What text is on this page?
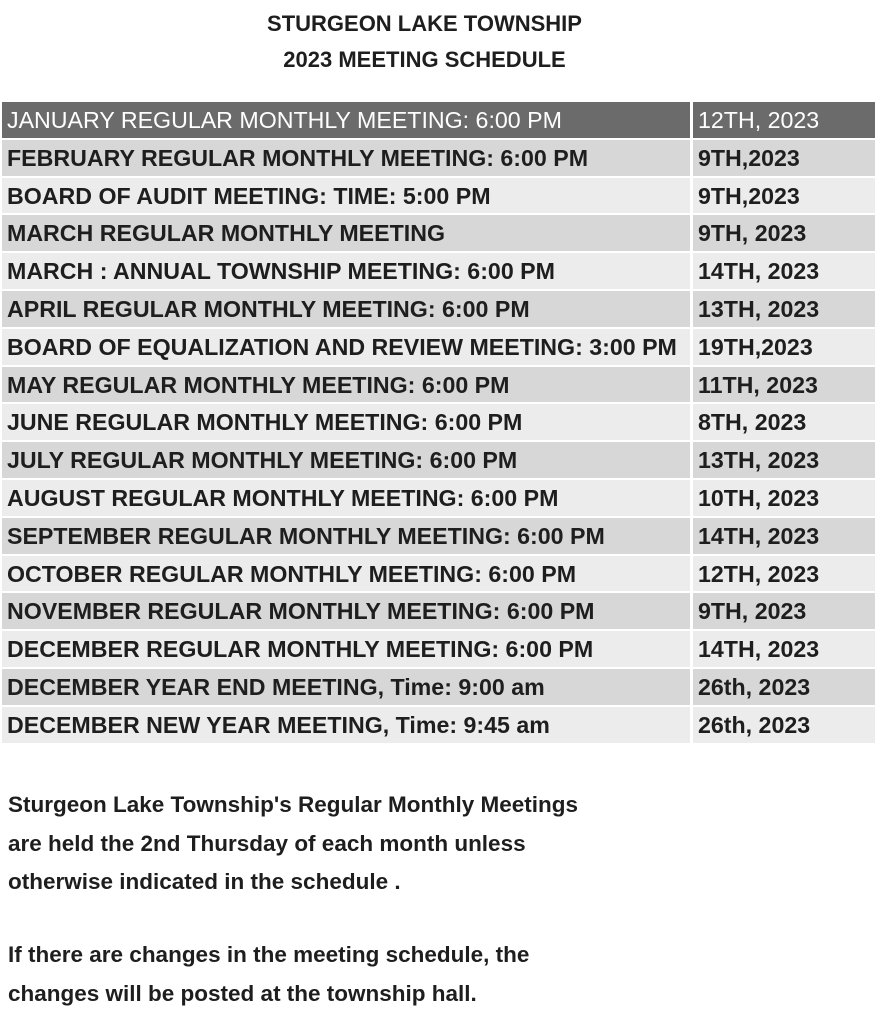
STURGEON LAKE TOWNSHIP
2023 MEETING SCHEDULE
JANUARY REGULAR MONTHLY MEETING: 6:00 PM	12TH, 2023
FEBRUARY REGULAR MONTHLY MEETING: 6:00 PM	9TH,2023
BOARD OF AUDIT MEETING: TIME: 5:00 PM	9TH,2023
MARCH REGULAR MONTHLY MEETING	9TH, 2023
MARCH : ANNUAL TOWNSHIP MEETING: 6:00 PM	14TH, 2023
APRIL REGULAR MONTHLY MEETING: 6:00 PM	13TH, 2023
BOARD OF EQUALIZATION AND REVIEW MEETING: 3:00 PM 19TH,2023
MAY REGULAR MONTHLY MEETING: 6:00 PM	11TH, 2023
JUNE REGULAR MONTHLY MEETING: 6:00 PM	8TH, 2023
JULY REGULAR MONTHLY MEETING: 6:00 PM	13TH, 2023
AUGUST REGULAR MONTHLY MEETING: 6:00 PM	10TH, 2023
SEPTEMBER REGULAR MONTHLY MEETING: 6:00 PM	14TH, 2023
OCTOBER REGULAR MONTHLY MEETING: 6:00 PM	12TH, 2023
NOVEMBER REGULAR MONTHLY MEETING: 6:00 PM	9TH, 2023
DECEMBER REGULAR MONTHLY MEETING: 6:00 PM	14TH, 2023
DECEMBER YEAR END MEETING, Time: 9:00 am	26th, 2023
DECEMBER NEW YEAR MEETING, Time: 9:45 am	26th, 2023
Sturgeon Lake Township's Regular Monthly Meetings
are held the 2nd Thursday of each month unless
otherwise indicated in the schedule .
If there are changes in the meeting schedule, the
changes will be posted at the township hall.
